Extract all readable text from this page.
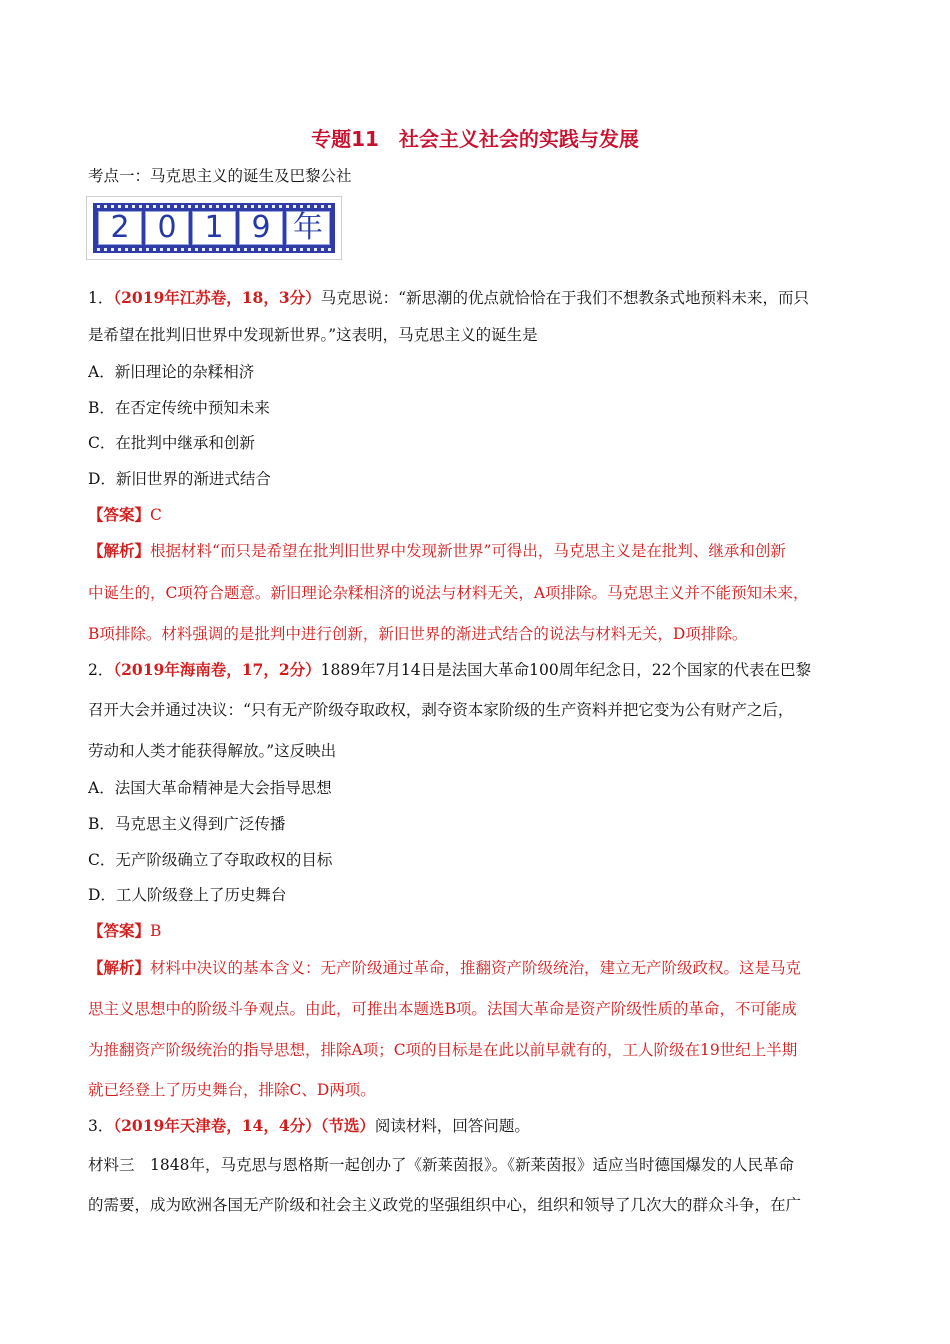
专题11　社会主义社会的实践与发展
考点一：马克思主义的诞生及巴黎公社
2 0 1 9 年
1．（2019年江苏卷，18，3分）马克思说：“新思潮的优点就恰恰在于我们不想教条式地预料未来，而只
是希望在批判旧世界中发现新世界。”这表明，马克思主义的诞生是
A．新旧理论的杂糅相济
B．在否定传统中预知未来
C．在批判中继承和创新
D．新旧世界的渐进式结合
【答案】C
【解析】根据材料“而只是希望在批判旧世界中发现新世界”可得出，马克思主义是在批判、继承和创新
中诞生的，C项符合题意。新旧理论杂糅相济的说法与材料无关，A项排除。马克思主义并不能预知未来，
B项排除。材料强调的是批判中进行创新，新旧世界的渐进式结合的说法与材料无关，D项排除。
2．（2019年海南卷，17，2分）1889年7月14日是法国大革命100周年纪念日，22个国家的代表在巴黎
召开大会并通过决议：“只有无产阶级夺取政权，剥夺资本家阶级的生产资料并把它变为公有财产之后，
劳动和人类才能获得解放。”这反映出
A．法国大革命精神是大会指导思想
B．马克思主义得到广泛传播
C．无产阶级确立了夺取政权的目标
D．工人阶级登上了历史舞台
【答案】B
【解析】材料中决议的基本含义：无产阶级通过革命，推翻资产阶级统治，建立无产阶级政权。这是马克
思主义思想中的阶级斗争观点。由此，可推出本题选B项。法国大革命是资产阶级性质的革命，不可能成
为推翻资产阶级统治的指导思想，排除A项；C项的目标是在此以前早就有的，工人阶级在19世纪上半期
就已经登上了历史舞台，排除C、D两项。
3．（2019年天津卷，14，4分）（节选）阅读材料，回答问题。
材料三　1848年，马克思与恩格斯一起创办了《新莱茵报》。《新莱茵报》适应当时德国爆发的人民革命
的需要，成为欧洲各国无产阶级和社会主义政党的坚强组织中心，组织和领导了几次大的群众斗争，在广
